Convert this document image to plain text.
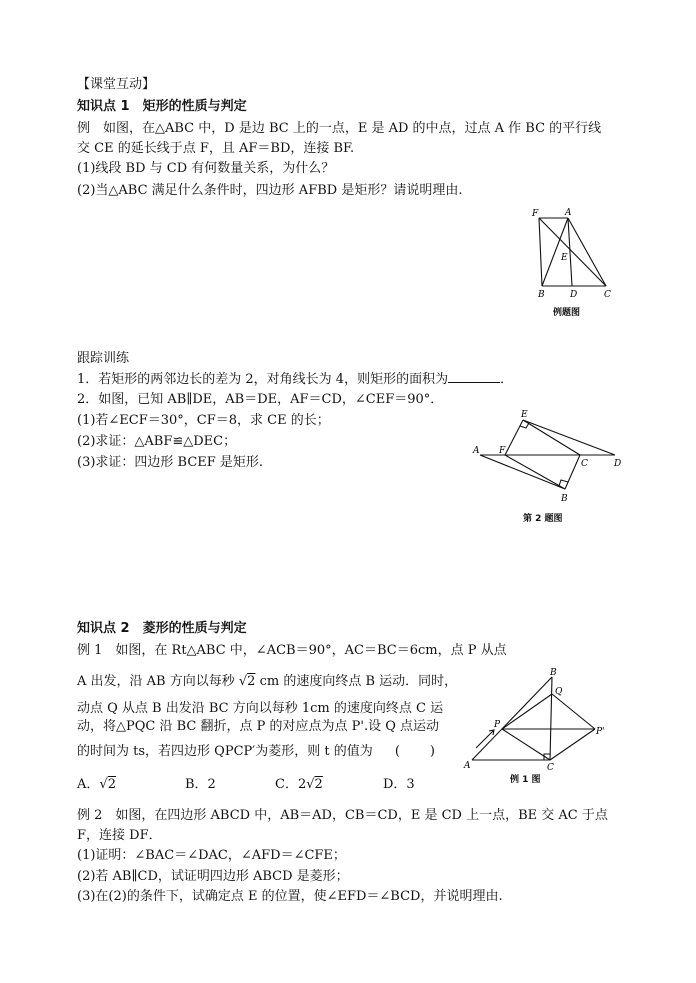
【课堂互动】
知识点 1　矩形的性质与判定
例　如图，在△ABC 中，D 是边 BC 上的一点，E 是 AD 的中点，过点 A 作 BC 的平行线
交 CE 的延长线于点 F，且 AF＝BD，连接 BF.
(1)线段 BD 与 CD 有何数量关系，为什么？
(2)当△ABC 满足什么条件时，四边形 AFBD 是矩形？请说明理由.
F	A
E
B	D	C
例题图
跟踪训练
1．若矩形的两邻边长的差为 2，对角线长为 4，则矩形的面积为	．
2．如图，已知 AB∥DE，AB＝DE，AF＝CD，∠CEF＝90°．
(1)若∠ECF＝30°，CF＝8，求 CE 的长；
(2)求证：△ABF≌△DEC；
(3)求证：四边形 BCEF 是矩形.
E
A F
C	D
B
第 2 题图
知识点 2　菱形的性质与判定
例 1　如图，在 Rt△ABC 中，∠ACB＝90°，AC＝BC＝6cm，点 P 从点
A 出发，沿 AB 方向以每秒 √2 cm 的速度向终点 B 运动．同时，
动点 Q 从点 B 出发沿 BC 方向以每秒 1cm 的速度向终点 C 运动，将△PQC 沿 BC 翻折，点 P 的对应点为点 P'.设 Q 点运动
的时间为 ts，若四边形 QPCP′为菱形，则 t 的值为 ( )
A．√2	B．2	C．2√2	D．3
B
Q
P
P'
A	C
例 1 图
例 2　如图，在四边形 ABCD 中，AB＝AD，CB＝CD，E 是 CD 上一点，BE 交 AC 于点
F，连接 DF．
(1)证明：∠BAC＝∠DAC，∠AFD＝∠CFE；
(2)若 AB∥CD，试证明四边形 ABCD 是菱形；
(3)在(2)的条件下，试确定点 E 的位置，使∠EFD＝∠BCD，并说明理由.
